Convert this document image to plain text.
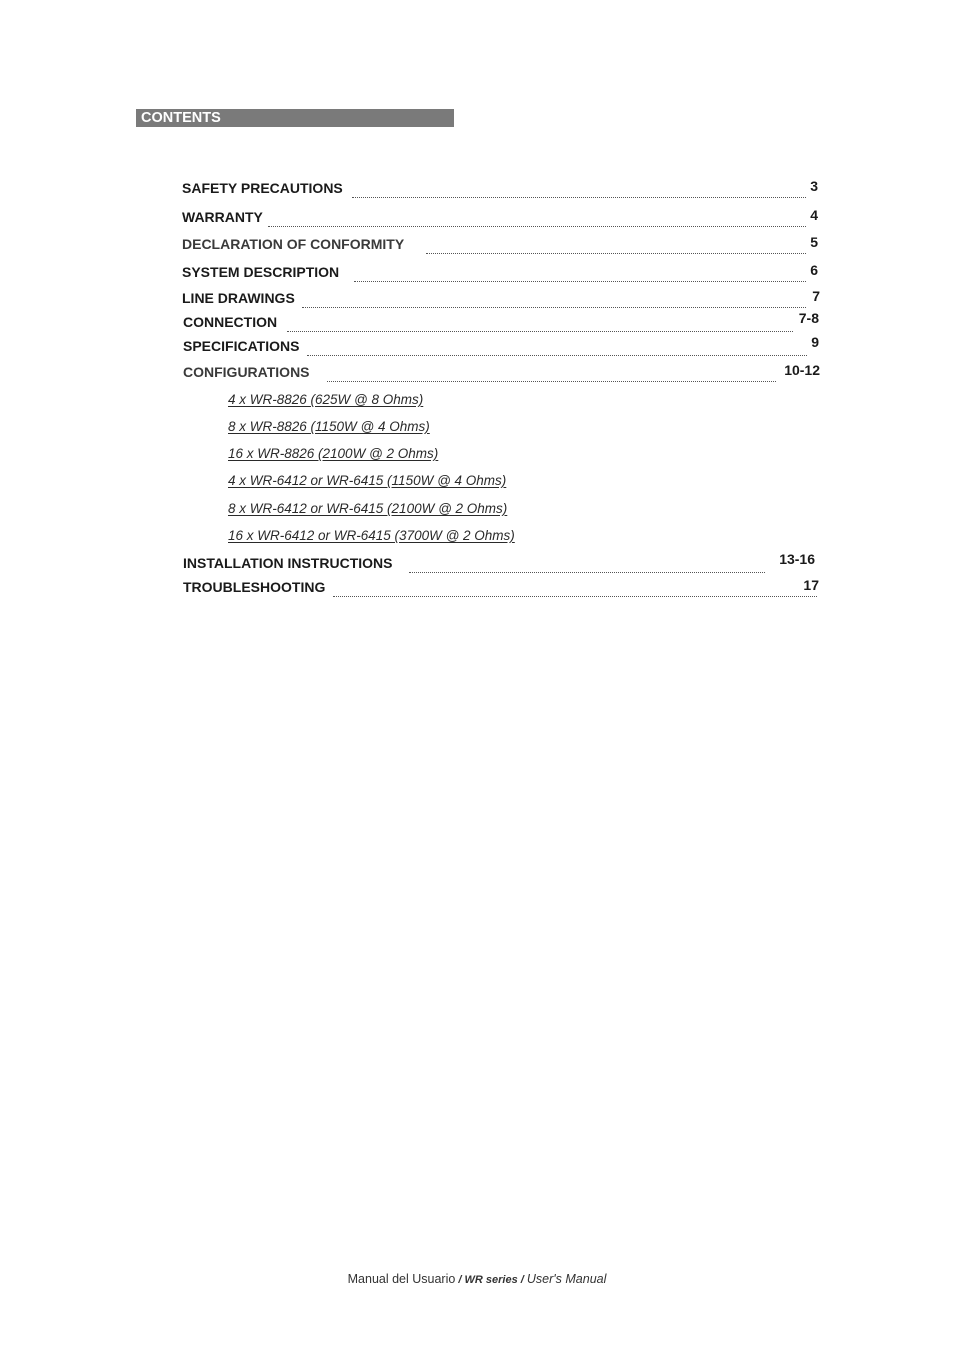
CONTENTS
SAFETY PRECAUTIONS	3
WARRANTY	4
DECLARATION OF CONFORMITY	5
SYSTEM DESCRIPTION	6
LINE DRAWINGS	7
CONNECTION	7-8
SPECIFICATIONS	9
CONFIGURATIONS	10-12
4 x WR-8826 (625W @ 8 Ohms)
8 x WR-8826 (1150W @ 4 Ohms)
16 x WR-8826 (2100W @ 2 Ohms)
4 x WR-6412 or WR-6415 (1150W @ 4 Ohms)
8 x WR-6412 or WR-6415 (2100W @ 2 Ohms)
16 x WR-6412 or WR-6415 (3700W @ 2 Ohms)
INSTALLATION INSTRUCTIONS	13-16
TROUBLESHOOTING	17
Manual del Usuario / WR series / User's Manual
